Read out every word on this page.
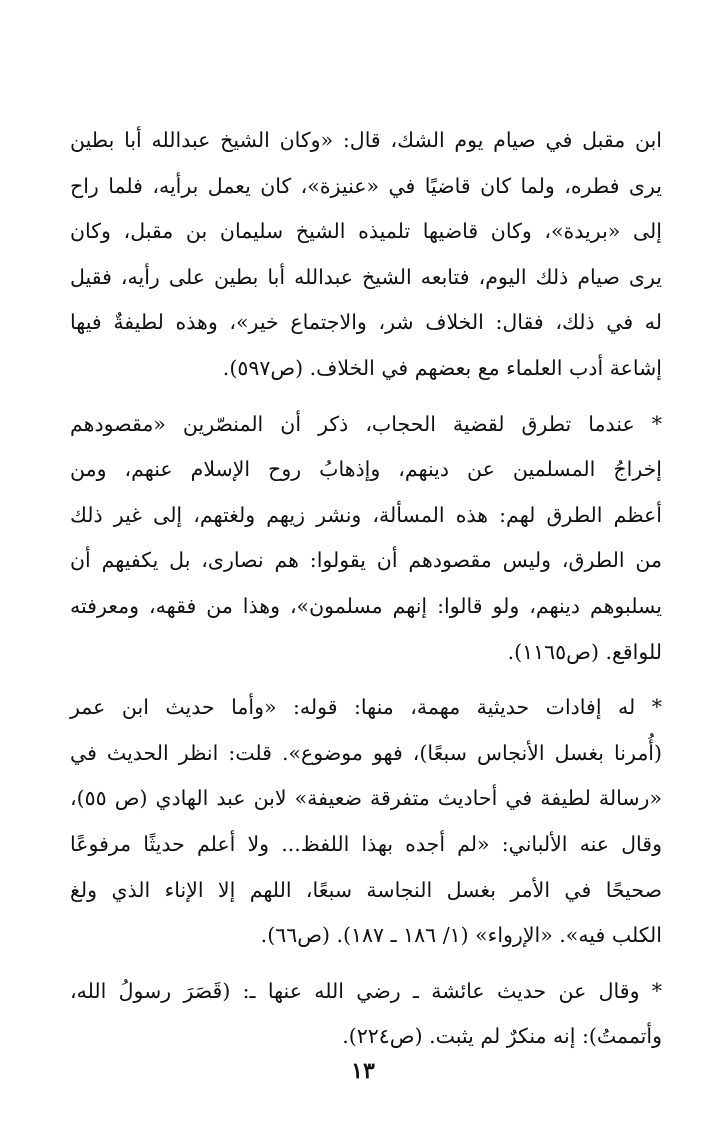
ابن مقبل في صيام يوم الشك، قال: «وكان الشيخ عبدالله أبا بطين
يرى فطره، ولما كان قاضيًا في «عنيزة»، كان يعمل برأيه، فلما راح
إلى «بريدة»، وكان قاضيها تلميذه الشيخ سليمان بن مقبل، وكان
يرى صيام ذلك اليوم، فتابعه الشيخ عبدالله أبا بطين على رأيه، فقيل
له في ذلك، فقال: الخلاف شر، والاجتماع خير»، وهذه لطيفةٌ فيها
إشاعة أدب العلماء مع بعضهم في الخلاف. (ص٥٩٧).

* عندما تطرق لقضية الحجاب، ذكر أن المنصّرين «مقصودهم
إخراجُ المسلمين عن دينهم، وإذهابُ روح الإسلام عنهم، ومن
أعظم الطرق لهم: هذه المسألة، ونشر زيهم ولغتهم، إلى غير ذلك
من الطرق، وليس مقصودهم أن يقولوا: هم نصارى، بل يكفيهم أن
يسلبوهم دينهم، ولو قالوا: إنهم مسلمون»، وهذا من فقهه، ومعرفته
للواقع. (ص١١٦٥).

* له إفادات حديثية مهمة، منها: قوله: «وأما حديث ابن عمر
(أُمرنا بغسل الأنجاس سبعًا)، فهو موضوع». قلت: انظر الحديث في
«رسالة لطيفة في أحاديث متفرقة ضعيفة» لابن عبد الهادي (ص ٥٥)،
وقال عنه الألباني: «لم أجده بهذا اللفظ... ولا أعلم حديثًا مرفوعًا
صحيحًا في الأمر بغسل النجاسة سبعًا، اللهم إلا الإناء الذي ولغ
الكلب فيه». «الإرواء» (١/ ١٨٦ ـ ١٨٧). (ص٦٦).

* وقال عن حديث عائشة ـ رضي الله عنها ـ: (قَصَرَ رسولُ الله،
وأتممتُ): إنه منكرٌ لم يثبت. (ص٢٢٤).

١٣
